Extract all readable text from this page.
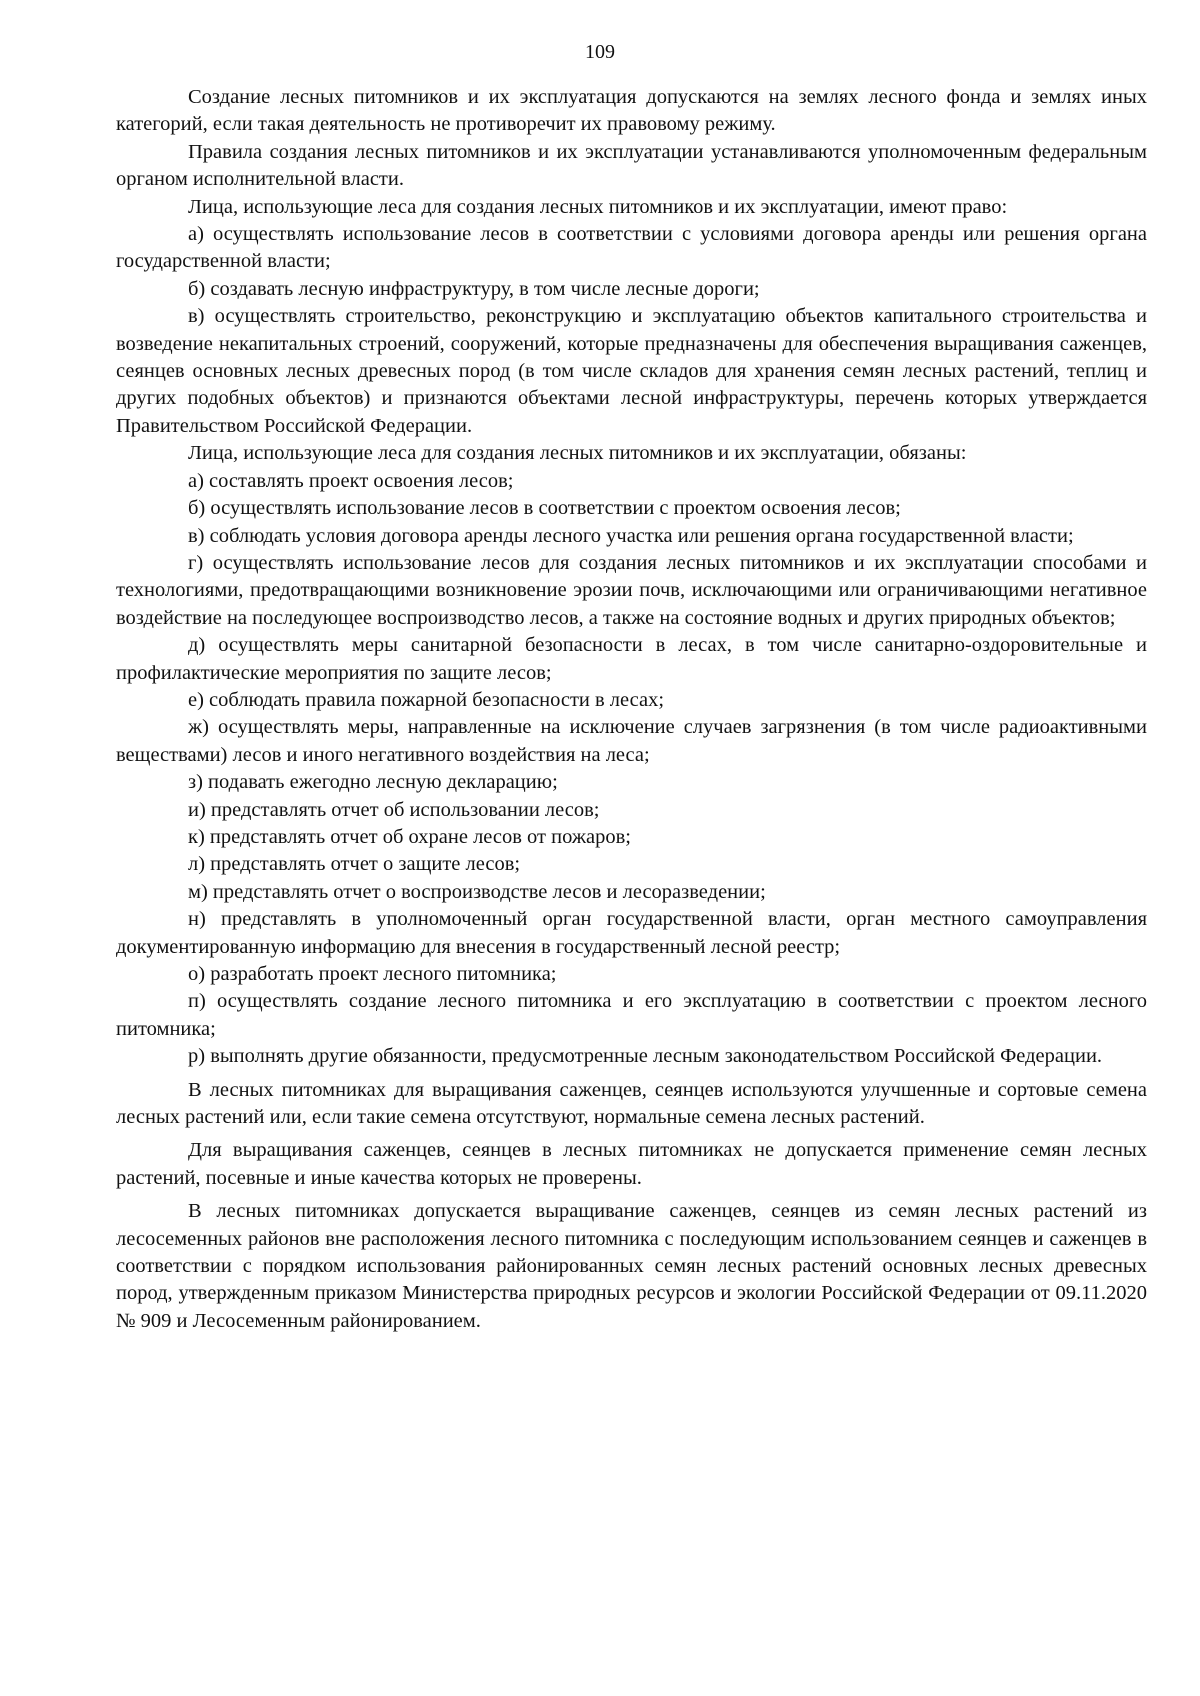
109

Создание лесных питомников и их эксплуатация допускаются на землях лесного фонда и землях иных категорий, если такая деятельность не противоречит их правовому режиму.

Правила создания лесных питомников и их эксплуатации устанавливаются уполномоченным федеральным органом исполнительной власти.

Лица, использующие леса для создания лесных питомников и их эксплуатации, имеют право:

а) осуществлять использование лесов в соответствии с условиями договора аренды или решения органа государственной власти;

б) создавать лесную инфраструктуру, в том числе лесные дороги;

в) осуществлять строительство, реконструкцию и эксплуатацию объектов капитального строительства и возведение некапитальных строений, сооружений, которые предназначены для обеспечения выращивания саженцев, сеянцев основных лесных древесных пород (в том числе складов для хранения семян лесных растений, теплиц и других подобных объектов) и признаются объектами лесной инфраструктуры, перечень которых утверждается Правительством Российской Федерации.

Лица, использующие леса для создания лесных питомников и их эксплуатации, обязаны:

а) составлять проект освоения лесов;

б) осуществлять использование лесов в соответствии с проектом освоения лесов;

в) соблюдать условия договора аренды лесного участка или решения органа государственной власти;

г) осуществлять использование лесов для создания лесных питомников и их эксплуатации способами и технологиями, предотвращающими возникновение эрозии почв, исключающими или ограничивающими негативное воздействие на последующее воспроизводство лесов, а также на состояние водных и других природных объектов;

д) осуществлять меры санитарной безопасности в лесах, в том числе санитарно-оздоровительные и профилактические мероприятия по защите лесов;

е) соблюдать правила пожарной безопасности в лесах;

ж) осуществлять меры, направленные на исключение случаев загрязнения (в том числе радиоактивными веществами) лесов и иного негативного воздействия на леса;

з) подавать ежегодно лесную декларацию;

и) представлять отчет об использовании лесов;

к) представлять отчет об охране лесов от пожаров;

л) представлять отчет о защите лесов;

м) представлять отчет о воспроизводстве лесов и лесоразведении;

н) представлять в уполномоченный орган государственной власти, орган местного самоуправления документированную информацию для внесения в государственный лесной реестр;

о) разработать проект лесного питомника;

п) осуществлять создание лесного питомника и его эксплуатацию в соответствии с проектом лесного питомника;

р) выполнять другие обязанности, предусмотренные лесным законодательством Российской Федерации.

В лесных питомниках для выращивания саженцев, сеянцев используются улучшенные и сортовые семена лесных растений или, если такие семена отсутствуют, нормальные семена лесных растений.

Для выращивания саженцев, сеянцев в лесных питомниках не допускается применение семян лесных растений, посевные и иные качества которых не проверены.

В лесных питомниках допускается выращивание саженцев, сеянцев из семян лесных растений из лесосеменных районов вне расположения лесного питомника с последующим использованием сеянцев и саженцев в соответствии с порядком использования районированных семян лесных растений основных лесных древесных пород, утвержденным приказом Министерства природных ресурсов и экологии Российской Федерации от 09.11.2020 № 909 и Лесосеменным районированием.
